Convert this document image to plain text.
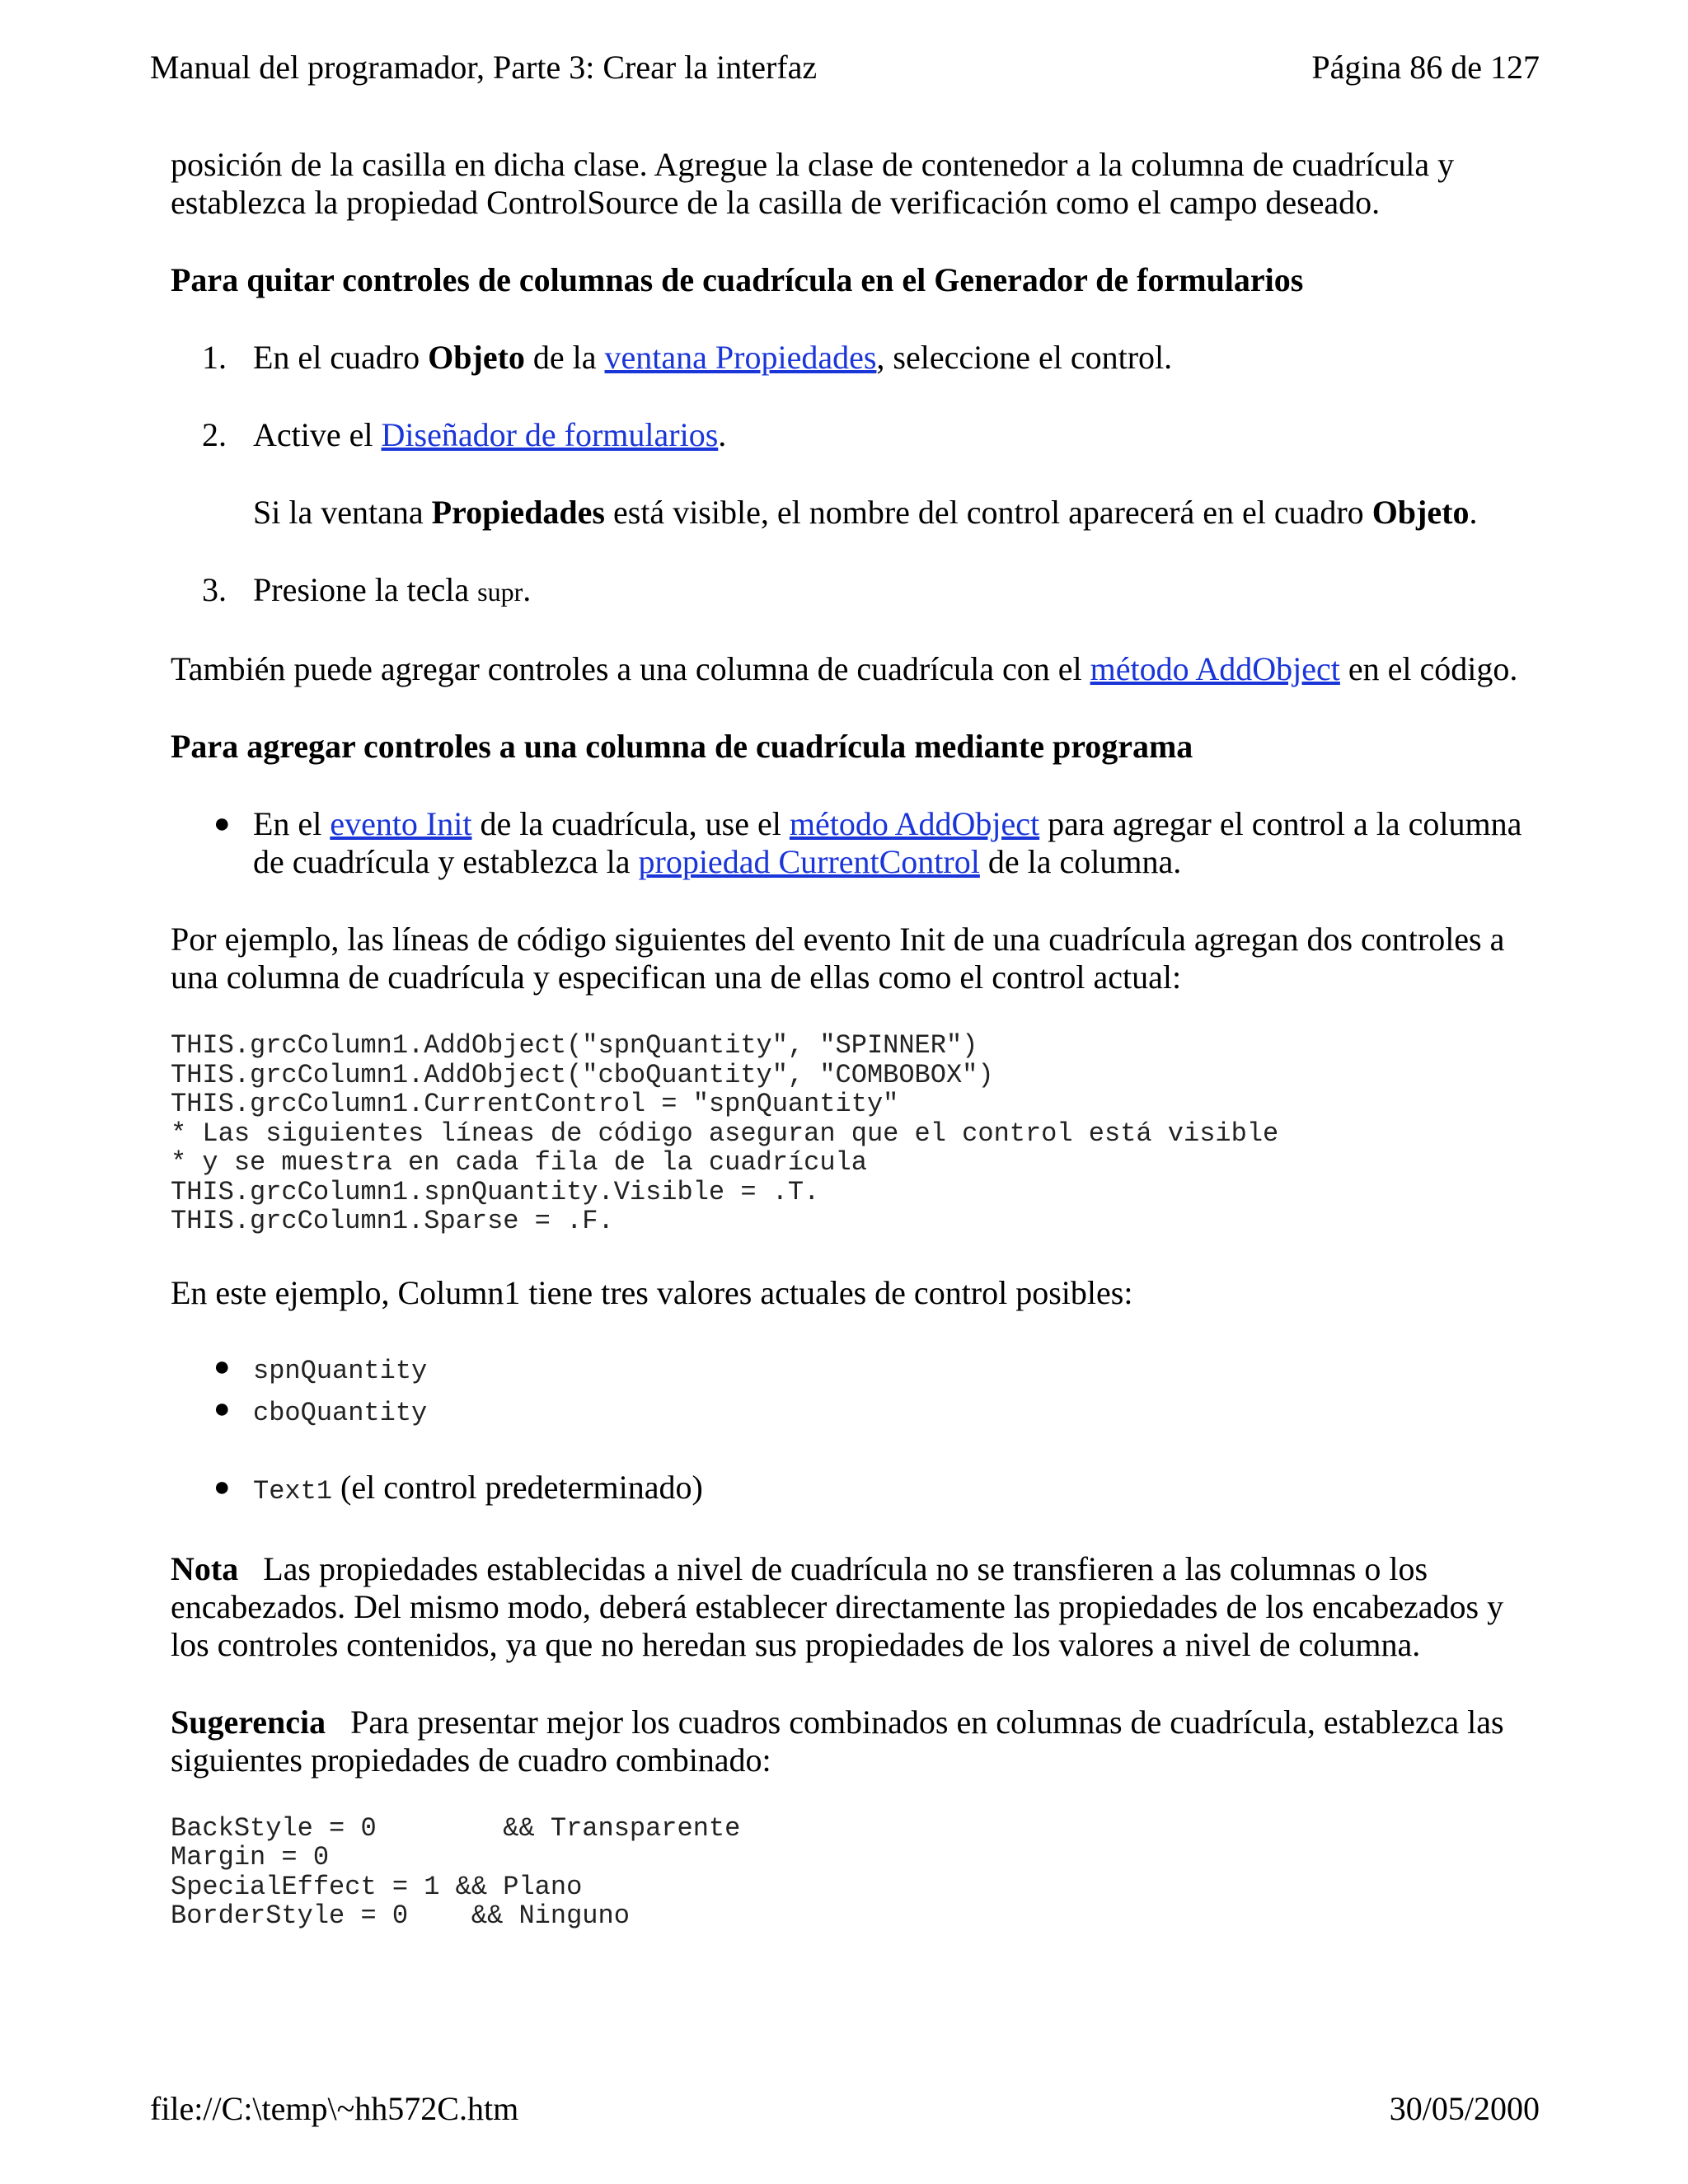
Manual del programador, Parte 3: Crear la interfaz	Página 86 de 127

posición de la casilla en dicha clase. Agregue la clase de contenedor a la columna de cuadrícula y establezca la propiedad ControlSource de la casilla de verificación como el campo deseado.

Para quitar controles de columnas de cuadrícula en el Generador de formularios

1. En el cuadro Objeto de la ventana Propiedades, seleccione el control.

2. Active el Diseñador de formularios.

Si la ventana Propiedades está visible, el nombre del control aparecerá en el cuadro Objeto.

3. Presione la tecla supr.

También puede agregar controles a una columna de cuadrícula con el método AddObject en el código.

Para agregar controles a una columna de cuadrícula mediante programa

● En el evento Init de la cuadrícula, use el método AddObject para agregar el control a la columna de cuadrícula y establezca la propiedad CurrentControl de la columna.

Por ejemplo, las líneas de código siguientes del evento Init de una cuadrícula agregan dos controles a una columna de cuadrícula y especifican una de ellas como el control actual:

THIS.grcColumn1.AddObject("spnQuantity", "SPINNER")
THIS.grcColumn1.AddObject("cboQuantity", "COMBOBOX")
THIS.grcColumn1.CurrentControl = "spnQuantity"
* Las siguientes líneas de código aseguran que el control está visible
* y se muestra en cada fila de la cuadrícula
THIS.grcColumn1.spnQuantity.Visible = .T.
THIS.grcColumn1.Sparse = .F.

En este ejemplo, Column1 tiene tres valores actuales de control posibles:

● spnQuantity

● cboQuantity

● Text1 (el control predeterminado)

Nota   Las propiedades establecidas a nivel de cuadrícula no se transfieren a las columnas o los encabezados. Del mismo modo, deberá establecer directamente las propiedades de los encabezados y los controles contenidos, ya que no heredan sus propiedades de los valores a nivel de columna.

Sugerencia   Para presentar mejor los cuadros combinados en columnas de cuadrícula, establezca las siguientes propiedades de cuadro combinado:

BackStyle = 0        && Transparente
Margin = 0
SpecialEffect = 1 && Plano
BorderStyle = 0    && Ninguno
file://C:\temp\~hh572C.htm	30/05/2000
